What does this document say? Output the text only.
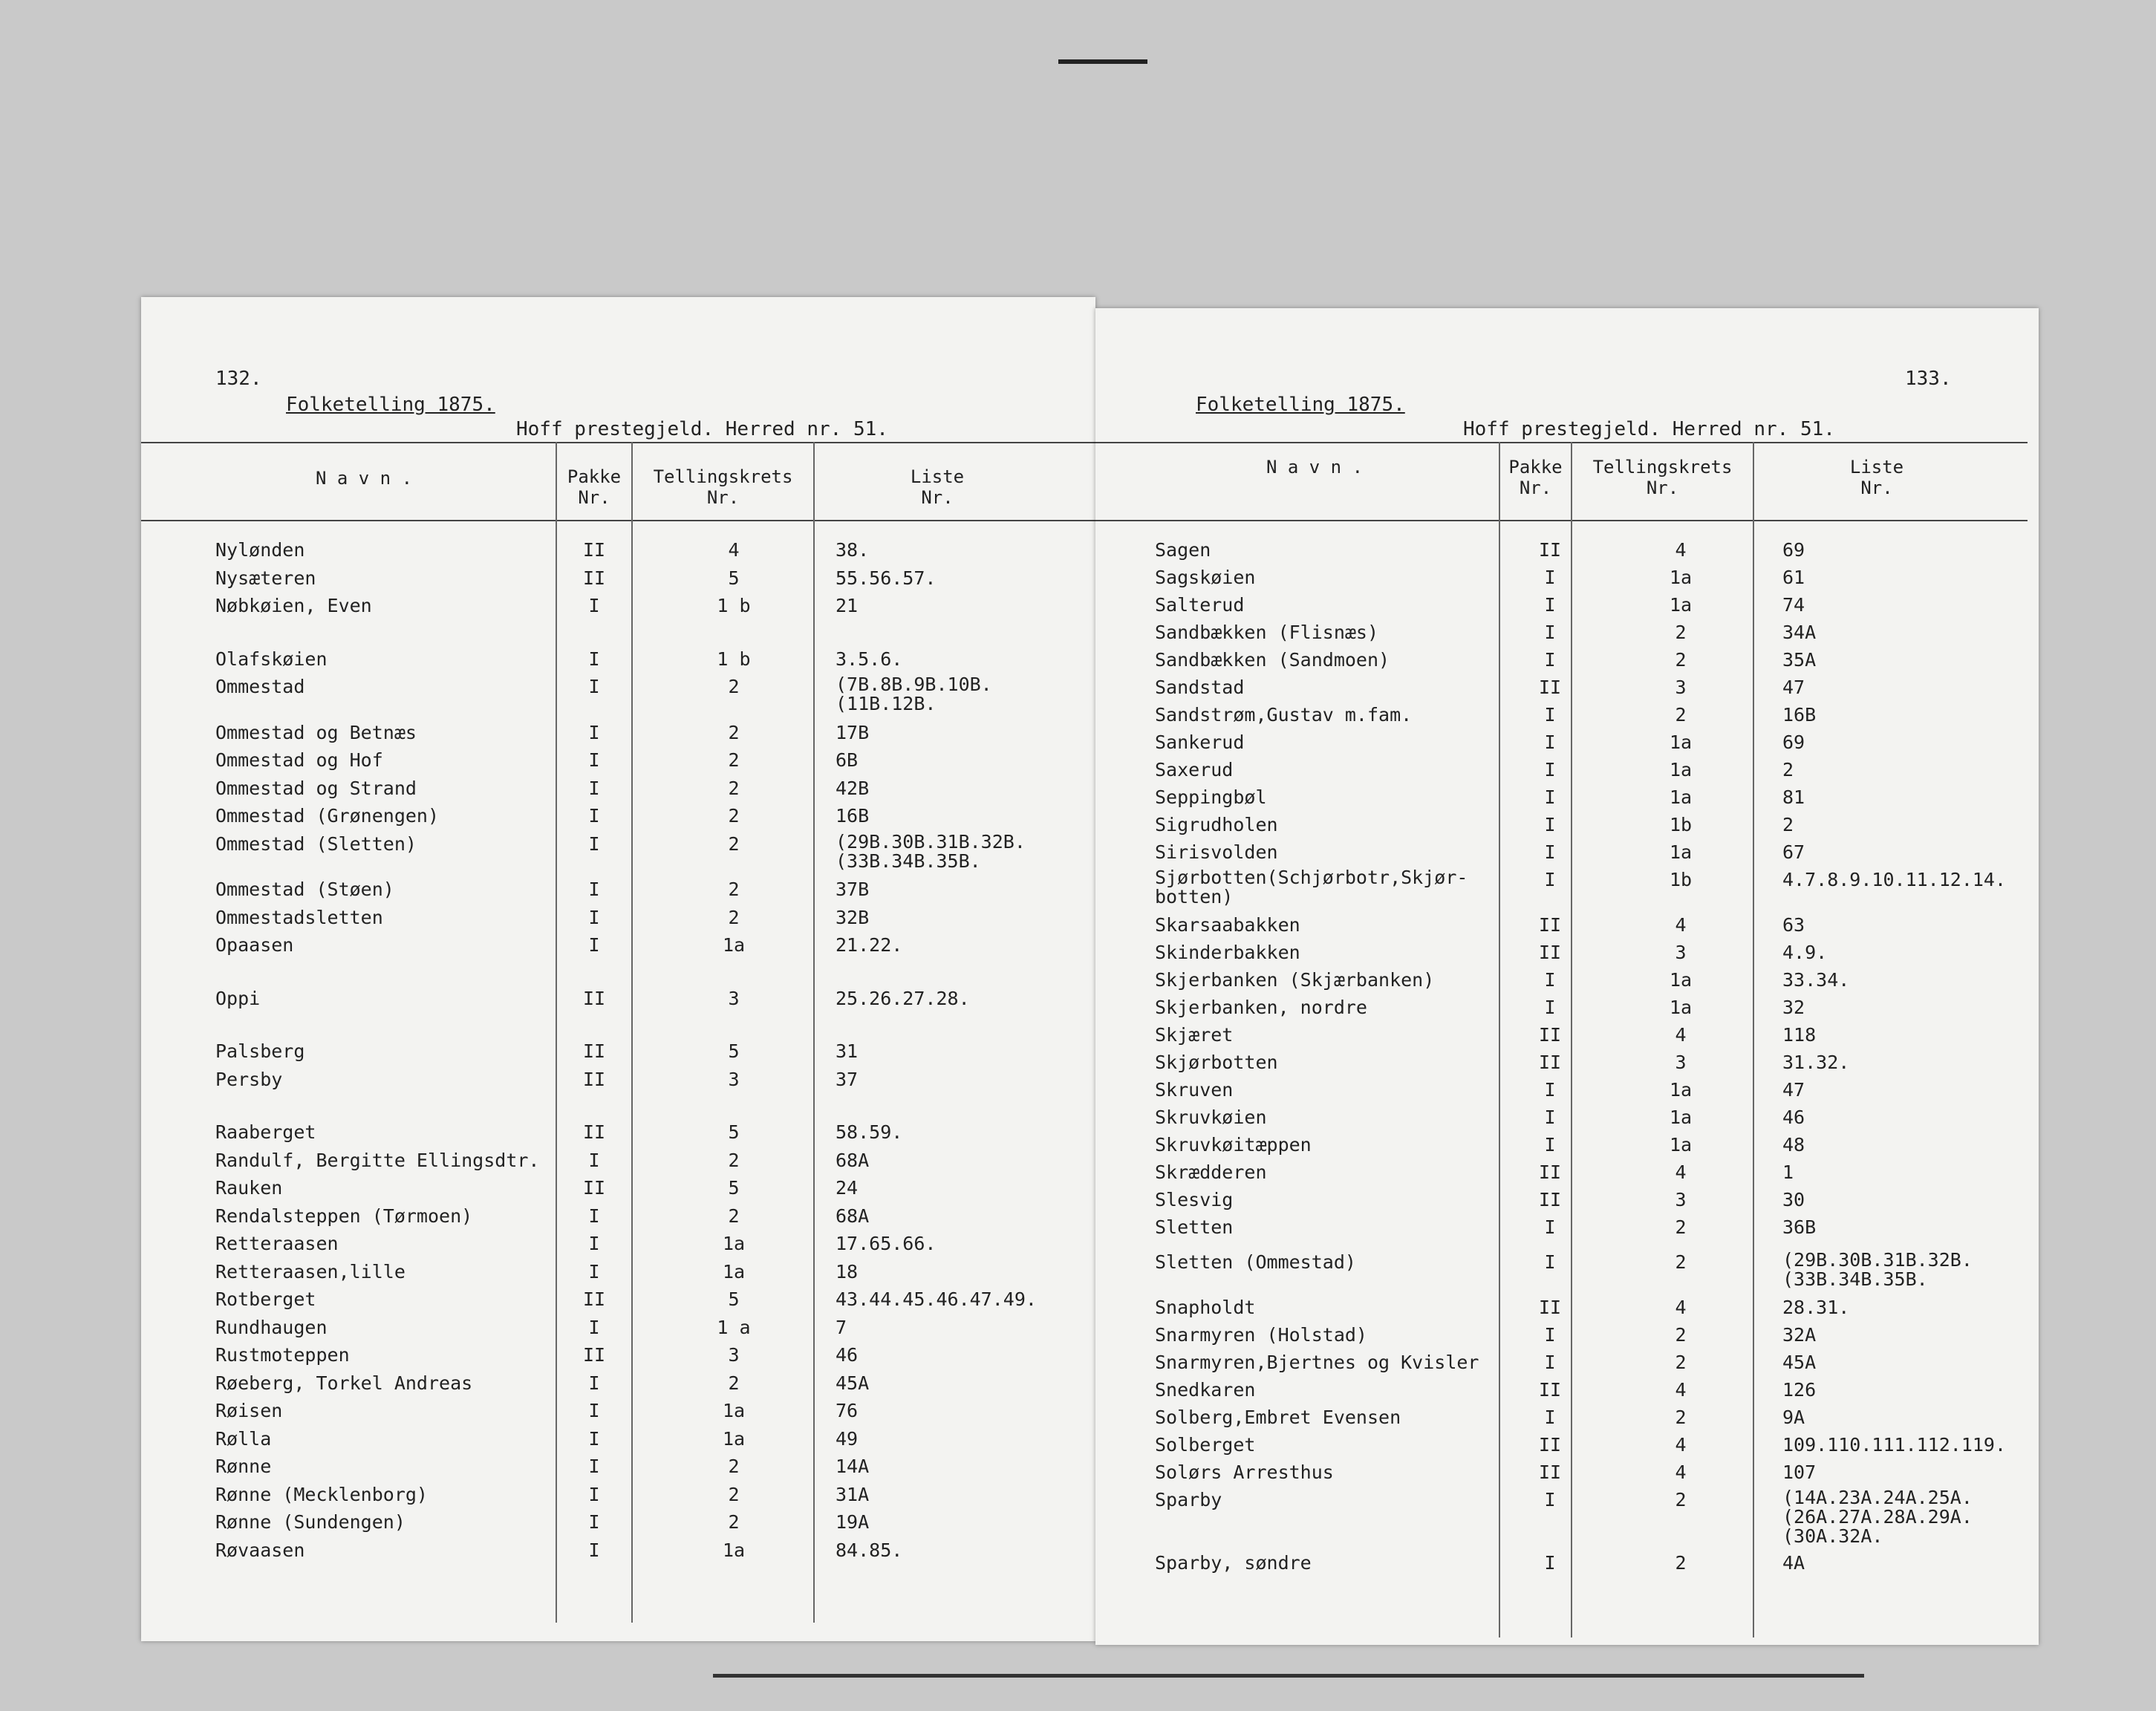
132.
Folketelling 1875.
Hoff prestegjeld. Herred nr. 51.
N a v n .	Pakke
Nr.
Tellingskrets
Nr.
Liste
Nr.
Nylønden	II	4	38.
Nysæteren	II	5	55.56.57.
Nøbkøien, Even	I	1 b	21
Olafskøien	I	1 b	3.5.6.
Ommestad	I	2	(7B.8B.9B.10B.
(11B.12B.
Ommestad og Betnæs	I	2	17B
Ommestad og Hof	I	2	6B
Ommestad og Strand	I	2	42B
Ommestad (Grønengen)	I	2	16B
Ommestad (Sletten)	I	2	(29B.30B.31B.32B.
(33B.34B.35B.
Ommestad (Støen)	I	2	37B
Ommestadsletten	I	2	32B
Opaasen	I	1a	21.22.
Oppi	II	3	25.26.27.28.
Palsberg	II	5	31
Persby	II	3	37
Raaberget	II	5	58.59.
Randulf, Bergitte Ellingsdtr.	I	2	68A
Rauken	II	5	24
Rendalsteppen (Tørmoen)	I	2	68A
Retteraasen	I	1a	17.65.66.
Retteraasen,lille	I	1a	18
Rotberget	II	5	43.44.45.46.47.49.
Rundhaugen	I	1 a	7
Rustmoteppen	II	3	46
Røeberg, Torkel Andreas	I	2	45A
Røisen	I	1a	76
Rølla	I	1a	49
Rønne	I	2	14A
Rønne (Mecklenborg)	I	2	31A
Rønne (Sundengen)	I	2	19A
Røvaasen	I	1a	84.85.
133.
Folketelling 1875.
Hoff prestegjeld. Herred nr. 51.
N a v n .	Pakke
Nr.
Tellingskrets
Nr.
Liste
Nr.
Sagen	II	4	69
Sagskøien	I	1a	61
Salterud	I	1a	74
Sandbækken (Flisnæs)	I	2	34A
Sandbækken (Sandmoen)	I	2	35A
Sandstad	II	3	47
Sandstrøm,Gustav m.fam.	I	2	16B
Sankerud	I	1a	69
Saxerud	I	1a	2
Seppingbøl	I	1a	81
Sigrudholen	I	1b	2
Sirisvolden	I	1a	67
Sjørbotten(Schjørbotr,Skjør-
botten)
I	1b	4.7.8.9.10.11.12.14.
Skarsaabakken	II	4	63
Skinderbakken	II	3	4.9.
Skjerbanken (Skjærbanken)	I	1a	33.34.
Skjerbanken, nordre	I	1a	32
Skjæret	II	4	118
Skjørbotten	II	3	31.32.
Skruven	I	1a	47
Skruvkøien	I	1a	46
Skruvkøitæppen	I	1a	48
Skrædderen	II	4	1
Slesvig	II	3	30
Sletten	I	2	36B
Sletten (Ommestad)	I	2	(29B.30B.31B.32B.
(33B.34B.35B.
Snapholdt	II	4	28.31.
Snarmyren (Holstad)	I	2	32A
Snarmyren,Bjertnes og Kvisler	I	2	45A
Snedkaren	II	4	126
Solberg,Embret Evensen	I	2	9A
Solberget	II	4	109.110.111.112.119.
Solørs Arresthus	II	4	107
Sparby	I	2	(14A.23A.24A.25A.
(26A.27A.28A.29A.
(30A.32A.
Sparby, søndre	I	2	4A
